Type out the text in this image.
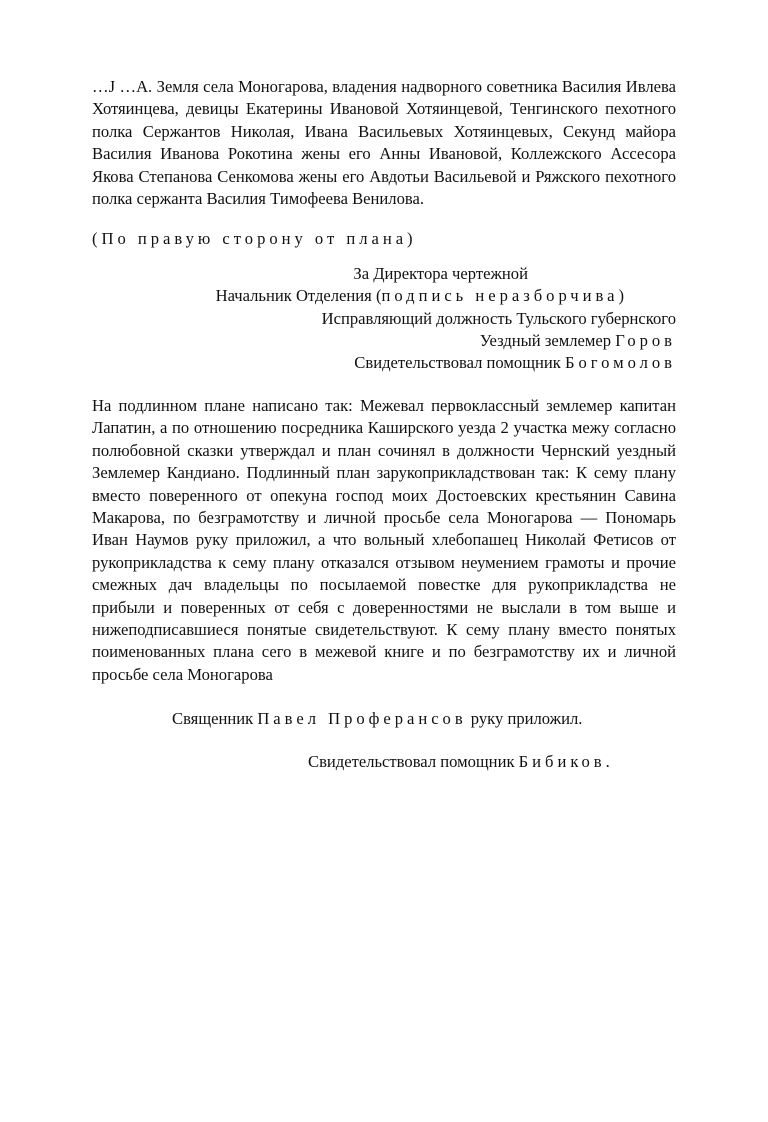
…J …А. Земля села Моногарова, владения надворного советника Василия Ивлева Хотяинцева, девицы Екатерины Ивановой Хотяинцевой, Тенгинского пехотного полка Сержантов Николая, Ивана Васильевых Хотяинцевых, Секунд майора Василия Иванова Рокотина жены его Анны Ивановой, Коллежского Ассесора Якова Степанова Сенкомова жены его Авдотьи Васильевой и Ряжского пехотного полка сержанта Василия Тимофеева Венилова.

(По правую сторону от плана)

За Директора чертежной
Начальник Отделения (подпись неразборчива)
Исправляющий должность Тульского губернского
Уездный землемер Горов
Свидетельствовал помощник Богомолов

На подлинном плане написано так: Межевал первоклассный землемер капитан Лапатин, а по отношению посредника Каширского уезда 2 участка межу согласно полюбовной сказки утверждал и план сочинял в должности Чернский уездный Землемер Кандиано. Подлинный план зарукоприкладствован так: К сему плану вместо поверенного от опекуна господ моих Достоевских крестьянин Савина Макарова, по безграмотству и личной просьбе села Моногарова — Пономарь Иван Наумов руку приложил, а что вольный хлебопашец Николай Фетисов от рукоприкладства к сему плану отказался отзывом неумением грамоты и прочие смежных дач владельцы по посылаемой повестке для рукоприкладства не прибыли и поверенных от себя с доверенностями не выслали в том выше и нижеподписавшиеся понятые свидетельствуют. К сему плану вместо понятых поименованных плана сего в межевой книге и по безграмотству их и личной просьбе села Моногарова

Священник Павел Проферансов руку приложил.
Свидетельствовал помощник Бибиков.
